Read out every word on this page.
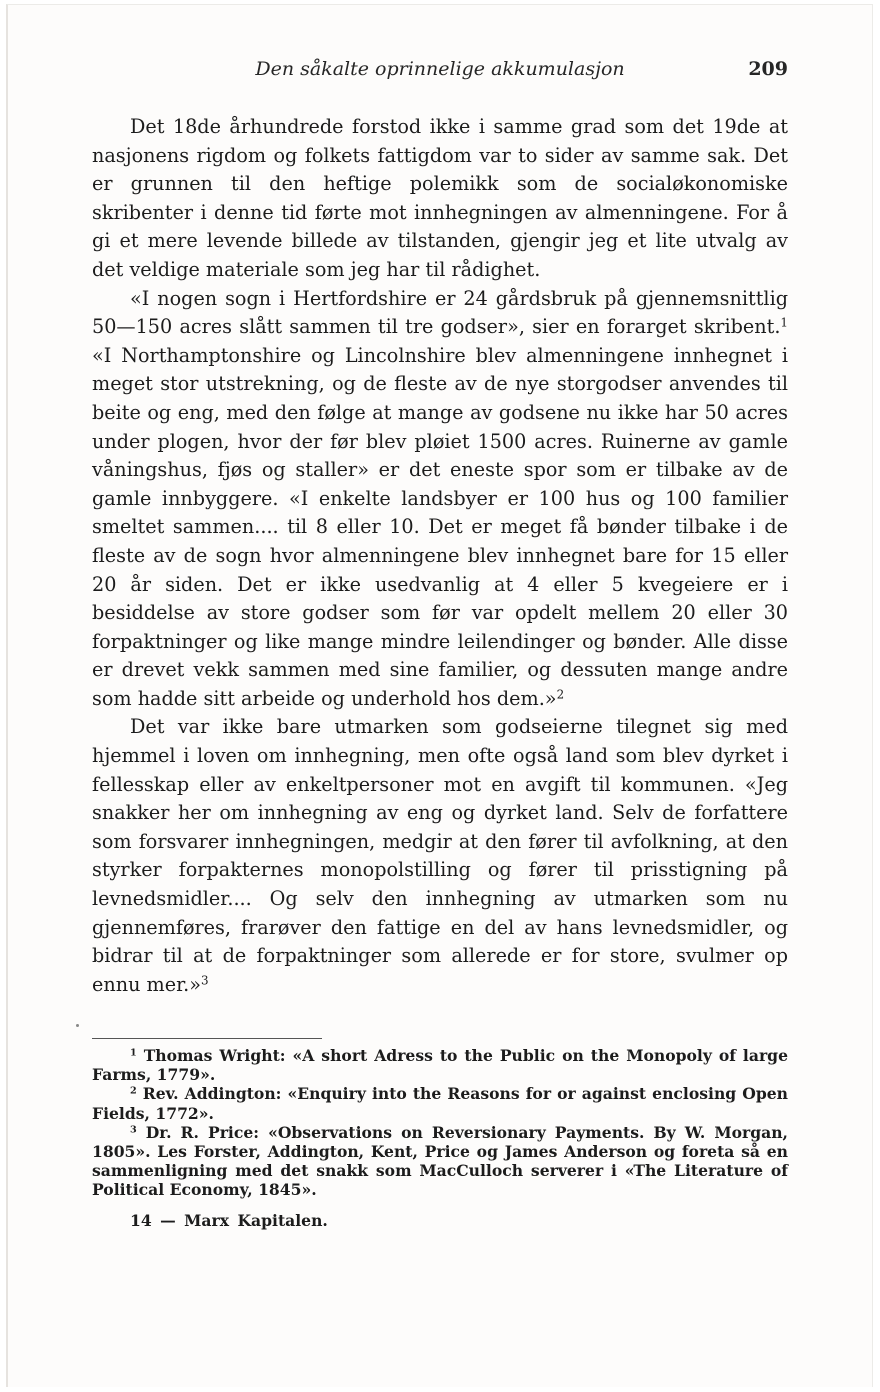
Den såkalte oprinnelige akkumulasjon	209

Det 18de århundrede forstod ikke i samme grad som det 19de at nasjonens rigdom og folkets fattigdom var to sider av samme sak. Det er grunnen til den heftige polemikk som de socialøkonomiske skribenter i denne tid førte mot innhegningen av almenningene. For å gi et mere levende billede av tilstanden, gjengir jeg et lite utvalg av det veldige materiale som jeg har til rådighet.

«I nogen sogn i Hertfordshire er 24 gårdsbruk på gjennemsnittlig 50—150 acres slått sammen til tre godser», sier en forarget skribent.$^1$ «I Northamptonshire og Lincolnshire blev almenningene innhegnet i meget stor utstrekning, og de fleste av de nye storgodser anvendes til beite og eng, med den følge at mange av godsene nu ikke har 50 acres under plogen, hvor der før blev pløiet 1500 acres. Ruinerne av gamle våningshus, fjøs og staller» er det eneste spor som er tilbake av de gamle innbyggere. «I enkelte landsbyer er 100 hus og 100 familier smeltet sammen.... til 8 eller 10. Det er meget få bønder tilbake i de fleste av de sogn hvor almenningene blev innhegnet bare for 15 eller 20 år siden. Det er ikke usedvanlig at 4 eller 5 kvegeiere er i besiddelse av store godser som før var opdelt mellem 20 eller 30 forpaktninger og like mange mindre leilendinger og bønder. Alle disse er drevet vekk sammen med sine familier, og dessuten mange andre som hadde sitt arbeide og underhold hos dem.»$^2$

Det var ikke bare utmarken som godseierne tilegnet sig med hjemmel i loven om innhegning, men ofte også land som blev dyrket i fellesskap eller av enkeltpersoner mot en avgift til kommunen. «Jeg snakker her om innhegning av eng og dyrket land. Selv de forfattere som forsvarer innhegningen, medgir at den fører til avfolkning, at den styrker forpakternes monopolstilling og fører til prisstigning på levnedsmidler.... Og selv den innhegning av utmarken som nu gjennemføres, frarøver den fattige en del av hans levnedsmidler, og bidrar til at de forpaktninger som allerede er for store, svulmer op ennu mer.»$^3$

$^1$ Thomas Wright: «A short Adress to the Public on the Monopoly of large Farms, 1779».

$^2$ Rev. Addington: «Enquiry into the Reasons for or against enclosing Open Fields, 1772».

$^3$ Dr. R. Price: «Observations on Reversionary Payments. By W. Morgan, 1805». Les Forster, Addington, Kent, Price og James Anderson og foreta så en sammenligning med det snakk som MacCulloch serverer i «The Literature of Political Economy, 1845».

14 — Marx Kapitalen.
